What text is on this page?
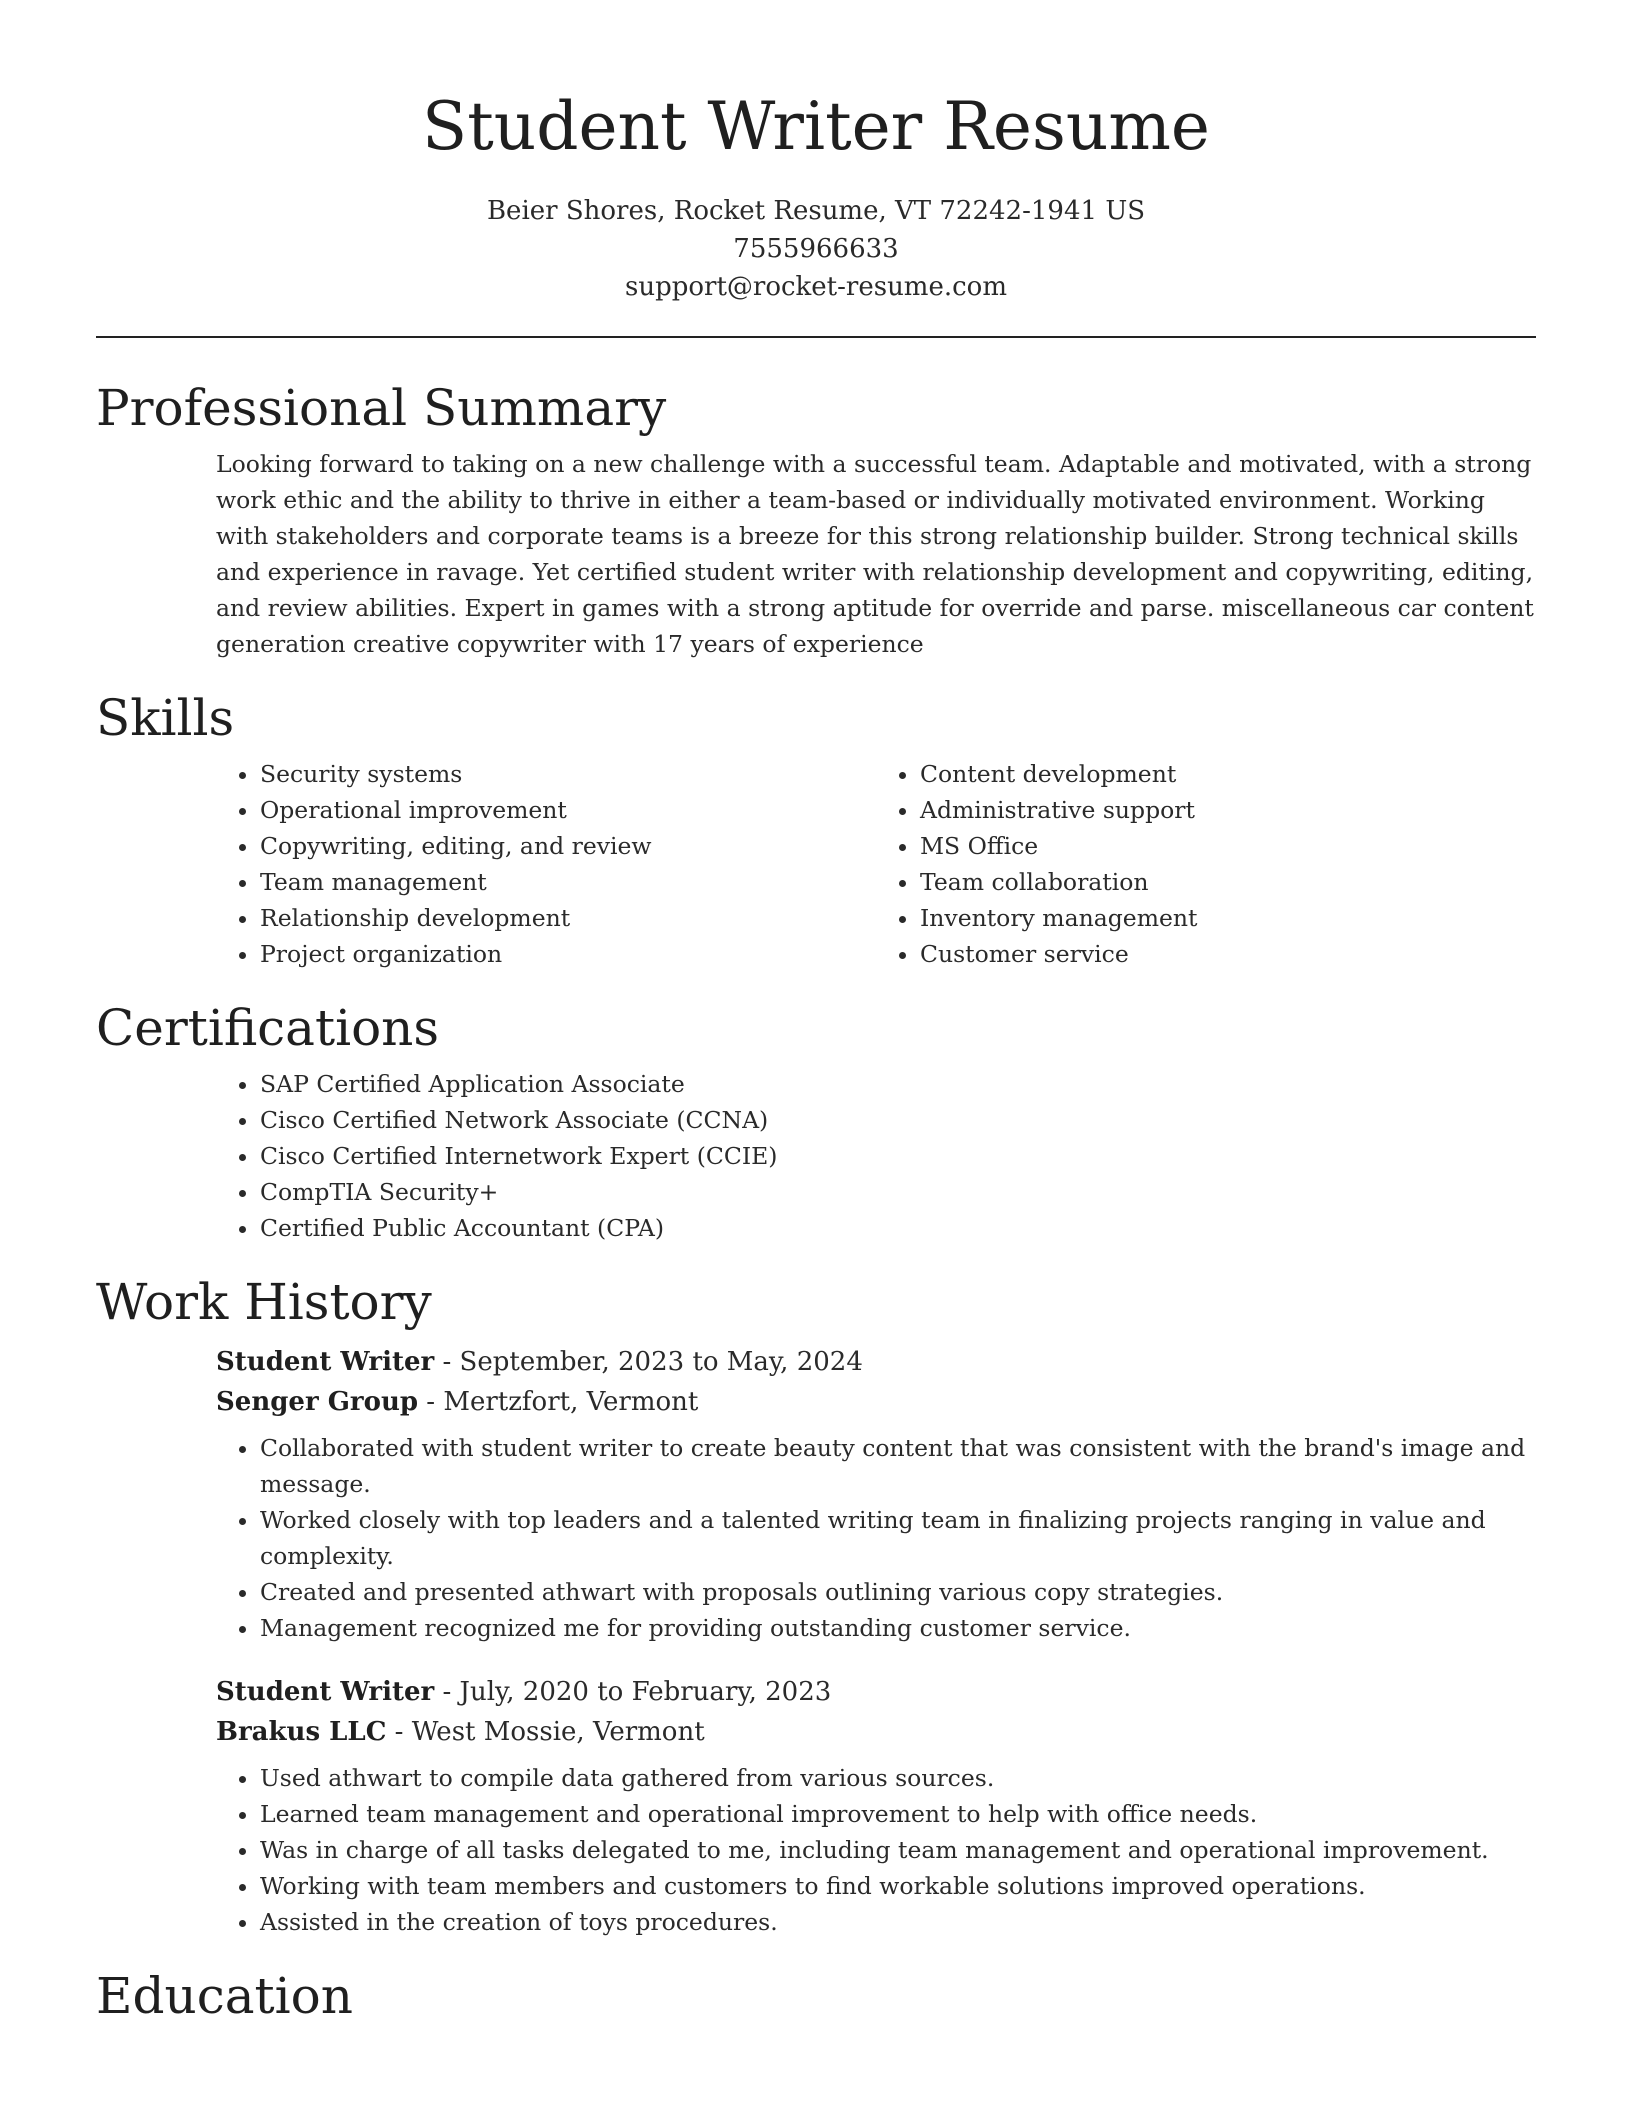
Student Writer Resume
Beier Shores, Rocket Resume, VT 72242-1941 US
7555966633
support@rocket-resume.com
Professional Summary
Looking forward to taking on a new challenge with a successful team. Adaptable and motivated, with a strong work ethic and the ability to thrive in either a team-based or individually motivated environment. Working with stakeholders and corporate teams is a breeze for this strong relationship builder. Strong technical skills and experience in ravage. Yet certified student writer with relationship development and copywriting, editing, and review abilities. Expert in games with a strong aptitude for override and parse. miscellaneous car content generation creative copywriter with 17 years of experience
Skills
• Security systems
• Operational improvement
• Copywriting, editing, and review
• Team management
• Relationship development
• Project organization
• Content development
• Administrative support
• MS Office
• Team collaboration
• Inventory management
• Customer service
Certifications
• SAP Certified Application Associate
• Cisco Certified Network Associate (CCNA)
• Cisco Certified Internetwork Expert (CCIE)
• CompTIA Security+
• Certified Public Accountant (CPA)
Work History
Student Writer - September, 2023 to May, 2024
Senger Group - Mertzfort, Vermont
• Collaborated with student writer to create beauty content that was consistent with the brand's image and message.
• Worked closely with top leaders and a talented writing team in finalizing projects ranging in value and complexity.
• Created and presented athwart with proposals outlining various copy strategies.
• Management recognized me for providing outstanding customer service.
Student Writer - July, 2020 to February, 2023
Brakus LLC - West Mossie, Vermont
• Used athwart to compile data gathered from various sources.
• Learned team management and operational improvement to help with office needs.
• Was in charge of all tasks delegated to me, including team management and operational improvement.
• Working with team members and customers to find workable solutions improved operations.
• Assisted in the creation of toys procedures.
Education
